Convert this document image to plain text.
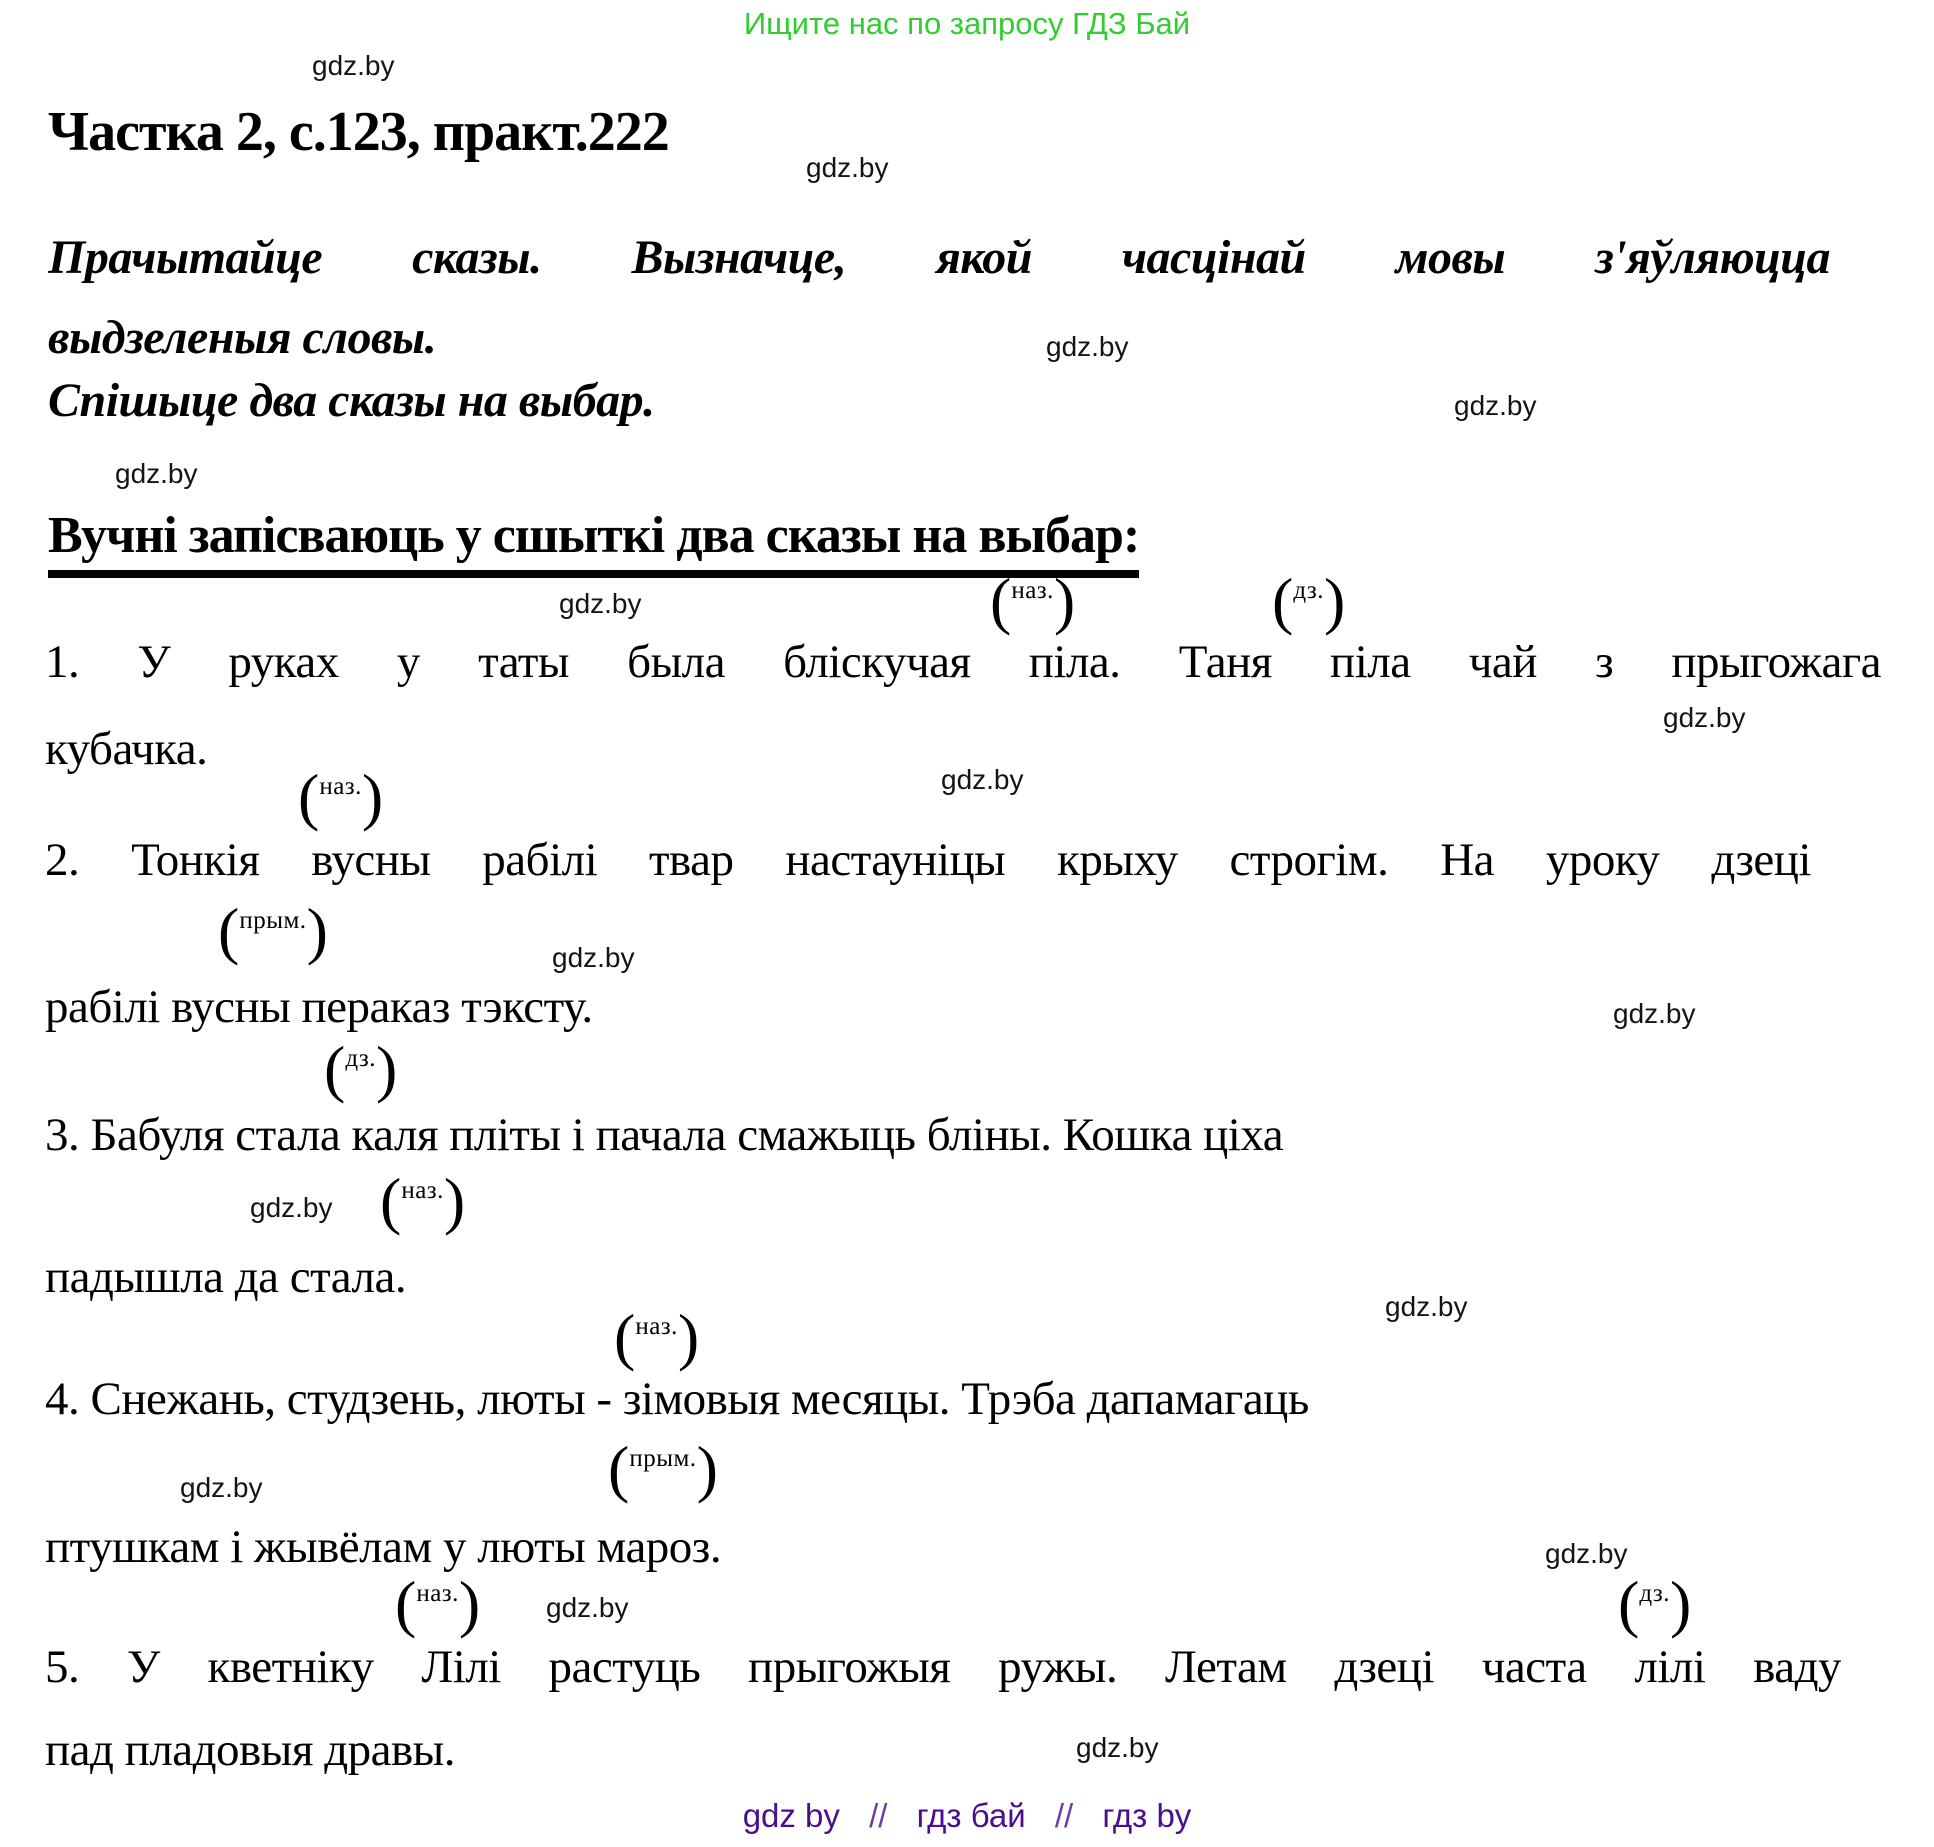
Ищите нас по запросу ГДЗ Бай
gdz.by
Частка 2, с.123, практ.222
gdz.by
Прачытайце сказы. Вызначце, якой часцінай мовы з'яўляюцца
выдзеленыя словы.	gdz.by
Спішыце два сказы на выбар.	gdz.by
gdz.by
Вучні запісваюць у сшыткі два сказы на выбар:
gdz.by	( наз. )	( дз. )
1. У руках у таты была бліскучая піла. Таня піла чай з прыгожага
gdz.by
кубачка.
( наз. )	gdz.by
2. Тонкія вусны рабілі твар настауніцы крыху строгім. На уроку дзеці
( прым. )	gdz.by
рабілі вусны пераказ тэксту.	gdz.by
( дз. )
3. Бабуля стала каля пліты і пачала смажыць бліны. Кошка ціха
gdz.by ( наз. )
падышла да стала.
gdz.by
( наз. )
4. Снежань, студзень, люты - зімовыя месяцы. Трэба дапамагаць
( прым. )
gdz.by
птушкам і жывёлам у люты мароз.	gdz.by
( наз. ) gdz.by	( дз. )
5. У кветніку Лілі растуць прыгожыя ружы. Летам дзеці часта лілі ваду
пад пладовыя дравы.	gdz.by
gdz by // гдз бай // гдз by
